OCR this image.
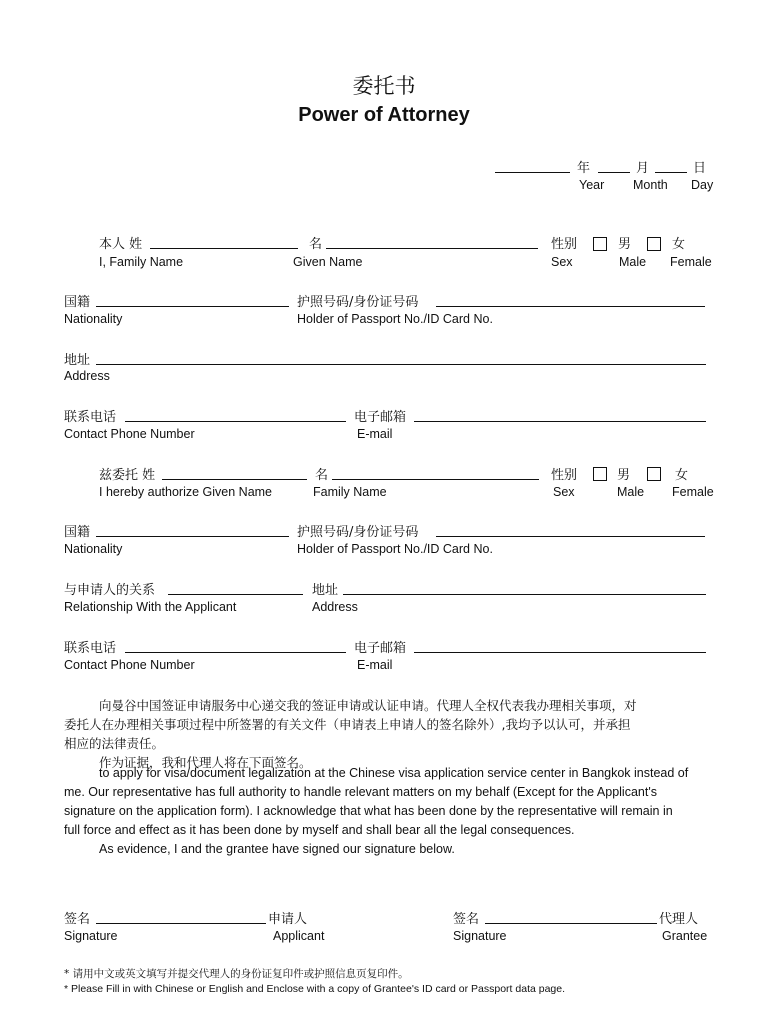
委托书
Power of Attorney
年	月	日
Year Month Day
本人 姓	名	性别	男	女
I, Family Name	Given Name	Sex	Male Female
国籍	护照号码/身份证号码
Nationality	Holder of Passport No./ID Card No.
地址
Address
联系电话	电子邮箱
Contact Phone Number	E-mail
兹委托 姓	名	性别	男	女
I hereby authorize Given Name	Family Name	Sex	Male Female
国籍	护照号码/身份证号码
Nationality	Holder of Passport No./ID Card No.
与申请人的关系	地址
Relationship With the Applicant	Address
联系电话	电子邮箱
Contact Phone Number	E-mail
向曼谷中国签证申请服务中心递交我的签证申请或认证申请。代理人全权代表我办理相关事项，对
委托人在办理相关事项过程中所签署的有关文件（申请表上申请人的签名除外）,我均予以认可，并承担
相应的法律责任。
作为证据，我和代理人将在下面签名。
to apply for visa/document legalization at the Chinese visa application service center in Bangkok instead of
me. Our representative has full authority to handle relevant matters on my behalf (Except for the Applicant's
signature on the application form). I acknowledge that what has been done by the representative will remain in
full force and effect as it has been done by myself and shall bear all the legal consequences.
As evidence, I and the grantee have signed our signature below.
签名	申请人	签名	代理人
Signature	Applicant	Signature	Grantee
* 请用中文或英文填写并提交代理人的身份证复印件或护照信息页复印件。
* Please Fill in with Chinese or English and Enclose with a copy of Grantee's ID card or Passport data page.
